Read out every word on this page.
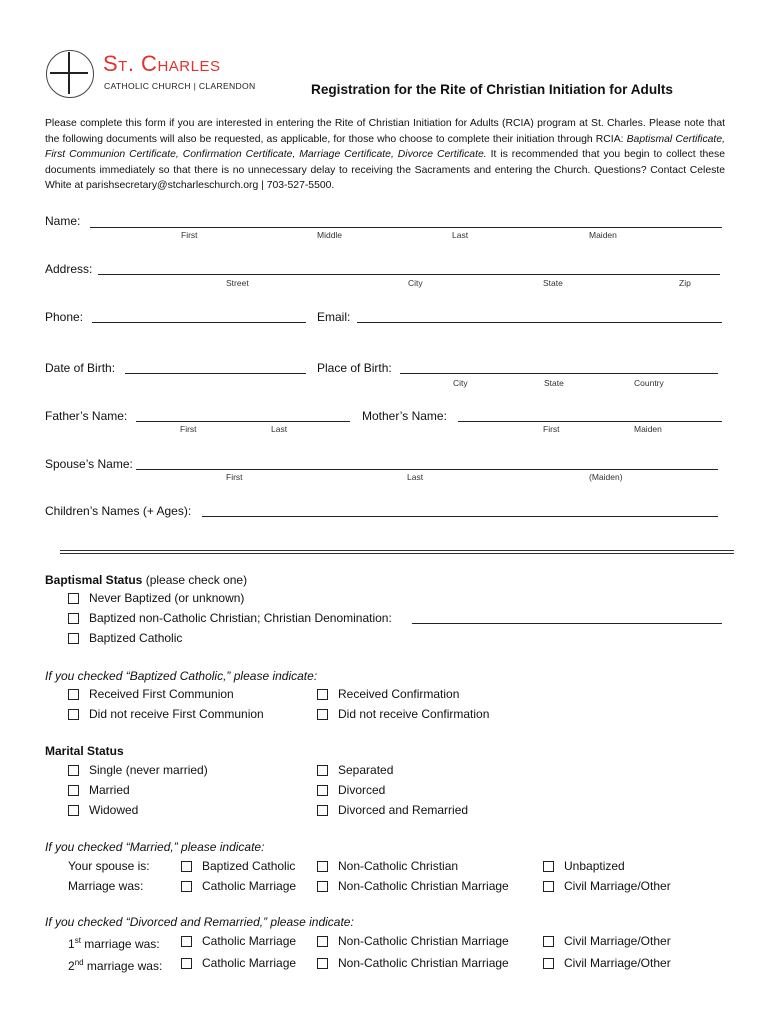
St. Charles
CATHOLIC CHURCH | CLARENDON	Registration for the Rite of Christian Initiation for Adults
Please complete this form if you are interested in entering the Rite of Christian Initiation for Adults (RCIA) program at St. Charles. Please note that the following documents will also be requested, as applicable, for those who choose to complete their initiation through RCIA: Baptismal Certificate, First Communion Certificate, Confirmation Certificate, Marriage Certificate, Divorce Certificate. It is recommended that you begin to collect these documents immediately so that there is no unnecessary delay to receiving the Sacraments and entering the Church. Questions? Contact Celeste White at parishsecretary@stcharleschurch.org | 703-527-5500.
Name:
First	Middle	Last	Maiden
Address:
Street	City	State	Zip
Phone:	Email:
Date of Birth:	Place of Birth:
City	State	Country
Father’s Name:
First	Last
Mother’s Name:
First	Maiden
Spouse’s Name:
First	Last	(Maiden)
Children’s Names (+ Ages):
Baptismal Status (please check one)
Never Baptized (or unknown)
Baptized non-Catholic Christian; Christian Denomination:
Baptized Catholic
If you checked “Baptized Catholic,” please indicate:
Received First Communion	Received Confirmation
Did not receive First Communion	Did not receive Confirmation
Marital Status
Single (never married)	Separated
Married	Divorced
Widowed	Divorced and Remarried
If you checked “Married,” please indicate:
Your spouse is:	Baptized Catholic	Non-Catholic Christian	Unbaptized
Marriage was:	Catholic Marriage	Non-Catholic Christian Marriage	Civil Marriage/Other
If you checked “Divorced and Remarried,” please indicate:
1st marriage was:	Catholic Marriage	Non-Catholic Christian Marriage	Civil Marriage/Other
2nd marriage was:	Catholic Marriage	Non-Catholic Christian Marriage	Civil Marriage/Other
